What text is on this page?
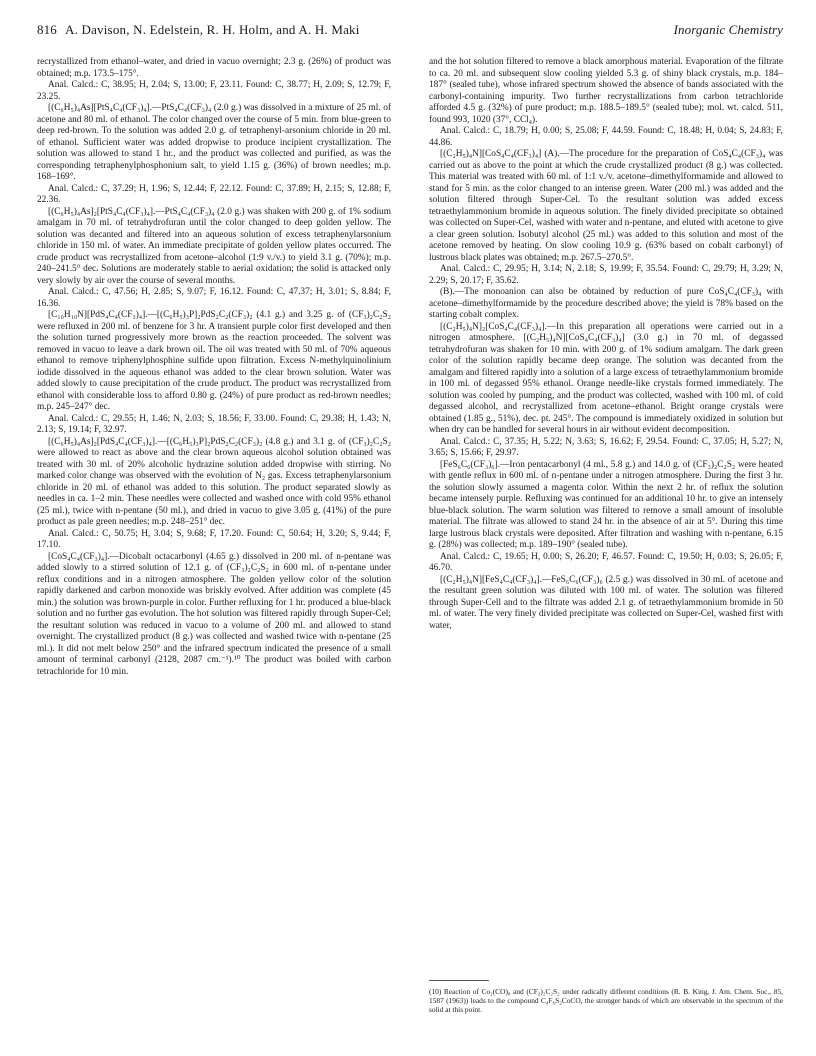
816 A. Davison, N. Edelstein, R. H. Holm, and A. H. Maki	Inorganic Chemistry

recrystallized from ethanol–water, and dried in vacuo overnight; 2.3 g. (26%) of product was obtained; m.p. 173.5–175°.

Anal. Calcd.: C, 38.95; H, 2.04; S, 13.00; F, 23.11. Found: C, 38.77; H, 2.09; S, 12.79; F, 23.25.

[(C₆H₅)₄As][PtS₄C₄(CF₃)₄].—PtS₄C₄(CF₃)₄ (2.0 g.) was dissolved in a mixture of 25 ml. of acetone and 80 ml. of ethanol. The color changed over the course of 5 min. from blue-green to deep red-brown. To the solution was added 2.0 g. of tetraphenyl-arsonium chloride in 20 ml. of ethanol. Sufficient water was added dropwise to produce incipient crystallization. The solution was allowed to stand 1 hr., and the product was collected and purified, as was the corresponding tetraphenylphosphonium salt, to yield 1.15 g. (36%) of brown needles; m.p. 168–169°.

Anal. Calcd.: C, 37.29; H, 1.96; S, 12.44; F, 22.12. Found: C, 37.89; H, 2.15; S, 12.88; F, 22.36.

[(C₆H₅)₄As]₂[PtS₄C₄(CF₃)₄].—PtS₄C₄(CF₃)₄ (2.0 g.) was shaken with 200 g. of 1% sodium amalgam in 70 ml. of tetrahydrofuran until the color changed to deep golden yellow. The solution was decanted and filtered into an aqueous solution of excess tetraphenylarsonium chloride in 150 ml. of water. An immediate precipitate of golden yellow plates occurred. The crude product was recrystallized from acetone–alcohol (1:9 v./v.) to yield 3.1 g. (70%); m.p. 240–241.5° dec. Solutions are moderately stable to aerial oxidation; the solid is attacked only very slowly by air over the course of several months.

Anal. Calcd.: C, 47.56; H, 2.85; S, 9.07; F, 16.12. Found: C, 47.37; H, 3.01; S, 8.84; F, 16.36.

[C₁₀H₁₀N][PdS₄C₄(CF₃)₄].—[(C₆H₅)₃P]₂PdS₂C₂(CF₃)₂ (4.1 g.) and 3.25 g. of (CF₃)₂C₂S₂ were refluxed in 200 ml. of benzene for 3 hr. A transient purple color first developed and then the solution turned progressively more brown as the reaction proceeded. The solvent was removed in vacuo to leave a dark brown oil. The oil was treated with 50 ml. of 70% aqueous ethanol to remove triphenylphosphine sulfide upon filtration. Excess N-methylquinolinium iodide dissolved in the aqueous ethanol was added to the clear brown solution. Water was added slowly to cause precipitation of the crude product. The product was recrystallized from ethanol with considerable loss to afford 0.80 g. (24%) of pure product as red-brown needles; m.p. 245–247° dec.

Anal. Calcd.: C, 29.55; H, 1.46; N, 2.03; S, 18.56; F, 33.00. Found: C, 29.38; H, 1.43; N, 2.13; S, 19.14; F, 32.97.

[(C₆H₅)₄As]₂[PdS₄C₄(CF₃)₄].—[(C₆H₅)₃P]₂PdS₂C₂(CF₃)₂ (4.8 g.) and 3.1 g. of (CF₃)₂C₂S₂ were allowed to react as above and the clear brown aqueous alcohol solution obtained was treated with 30 ml. of 20% alcoholic hydrazine solution added dropwise with stirring. No marked color change was observed with the evolution of N₂ gas. Excess tetraphenylarsonium chloride in 20 ml. of ethanol was added to this solution. The product separated slowly as needles in ca. 1–2 min. These needles were collected and washed once with cold 95% ethanol (25 ml.), twice with n-pentane (50 ml.), and dried in vacuo to give 3.05 g. (41%) of the pure product as pale green needles; m.p. 248–251° dec.

Anal. Calcd.: C, 50.75; H, 3.04; S, 9.68; F, 17.20. Found: C, 50.64; H, 3.20; S, 9.44; F, 17.10.

[CoS₄C₄(CF₃)₄].—Dicobalt octacarbonyl (4.65 g.) dissolved in 200 ml. of n-pentane was added slowly to a stirred solution of 12.1 g. of (CF₃)₂C₂S₂ in 600 ml. of n-pentane under reflux conditions and in a nitrogen atmosphere. The golden yellow color of the solution rapidly darkened and carbon monoxide was briskly evolved. After addition was complete (45 min.) the solution was brown-purple in color. Further refluxing for 1 hr. produced a blue-black solution and no further gas evolution. The hot solution was filtered rapidly through Super-Cel; the resultant solution was reduced in vacuo to a volume of 200 ml. and allowed to stand overnight. The crystallized product (8 g.) was collected and washed twice with n-pentane (25 ml.). It did not melt below 250° and the infrared spectrum indicated the presence of a small amount of terminal carbonyl (2128, 2087 cm.⁻¹).¹⁰ The product was boiled with carbon tetrachloride for 10 min.

and the hot solution filtered to remove a black amorphous material. Evaporation of the filtrate to ca. 20 ml. and subsequent slow cooling yielded 5.3 g. of shiny black crystals, m.p. 184–187° (sealed tube), whose infrared spectrum showed the absence of bands associated with the carbonyl-containing impurity. Two further recrystallizations from carbon tetrachloride afforded 4.5 g. (32%) of pure product; m.p. 188.5–189.5° (sealed tube); mol. wt. calcd. 511, found 993, 1020 (37°, CCl₄).

Anal. Calcd.: C, 18.79; H, 0.00; S, 25.08; F, 44.59. Found: C, 18.48; H, 0.04; S, 24.83; F, 44.86.

[(C₂H₅)₄N][CoS₄C₄(CF₃)₄] (A).—The procedure for the preparation of CoS₄C₄(CF₃)₄ was carried out as above to the point at which the crude crystallized product (8 g.) was collected. This material was treated with 60 ml. of 1:1 v./v. acetone–dimethylformamide and allowed to stand for 5 min. as the color changed to an intense green. Water (200 ml.) was added and the solution filtered through Super-Cel. To the resultant solution was added excess tetraethylammonium bromide in aqueous solution. The finely divided precipitate so obtained was collected on Super-Cel, washed with water and n-pentane, and eluted with acetone to give a clear green solution. Isobutyl alcohol (25 ml.) was added to this solution and most of the acetone removed by heating. On slow cooling 10.9 g. (63% based on cobalt carbonyl) of lustrous black plates was obtained; m.p. 267.5–270.5°.

Anal. Calcd.: C, 29.95; H, 3.14; N, 2.18; S, 19.99; F, 35.54. Found: C, 29.79; H, 3.29; N, 2.29; S, 20.17; F, 35.62.

(B).—The monoanion can also be obtained by reduction of pure CoS₄C₄(CF₃)₄ with acetone–dimethylformamide by the procedure described above; the yield is 78% based on the starting cobalt complex.

[(C₂H₅)₄N]₂[CoS₄C₄(CF₃)₄].—In this preparation all operations were carried out in a nitrogen atmosphere. [(C₂H₅)₄N][CoS₄C₄(CF₃)₄] (3.0 g.) in 70 ml. of degassed tetrahydrofuran was shaken for 10 min. with 200 g. of 1% sodium amalgam. The dark green color of the solution rapidly became deep orange. The solution was decanted from the amalgam and filtered rapidly into a solution of a large excess of tetraethylammonium bromide in 100 ml. of degassed 95% ethanol. Orange needle-like crystals formed immediately. The solution was cooled by pumping, and the product was collected, washed with 100 ml. of cold degassed alcohol, and recrystallized from acetone–ethanol. Bright orange crystals were obtained (1.85 g., 51%), dec. pt. 245°. The compound is immediately oxidized in solution but when dry can be handled for several hours in air without evident decomposition.

Anal. Calcd.: C, 37.35; H, 5.22; N, 3.63; S, 16.62; F, 29.54. Found: C, 37.05; H, 5.27; N, 3.65; S, 15.66; F, 29.97.

[FeS₆C₆(CF₃)₆].—Iron pentacarbonyl (4 ml., 5.8 g.) and 14.0 g. of (CF₃)₂C₂S₂ were heated with gentle reflux in 600 ml. of n-pentane under a nitrogen atmosphere. During the first 3 hr. the solution slowly assumed a magenta color. Within the next 2 hr. of reflux the solution became intensely purple. Refluxing was continued for an additional 10 hr. to give an intensely blue-black solution. The warm solution was filtered to remove a small amount of insoluble material. The filtrate was allowed to stand 24 hr. in the absence of air at 5°. During this time large lustrous black crystals were deposited. After filtration and washing with n-pentane, 6.15 g. (28%) was collected; m.p. 189–190° (sealed tube).

Anal. Calcd.: C, 19.65; H, 0.00; S, 26.20; F, 46.57. Found: C, 19.50; H, 0.03; S, 26.05; F, 46.70.

[(C₂H₅)₄N][FeS₄C₄(CF₃)₄].—FeS₆C₆(CF₃)₆ (2.5 g.) was dissolved in 30 ml. of acetone and the resultant green solution was diluted with 100 ml. of water. The solution was filtered through Super-Cell and to the filtrate was added 2.1 g. of tetraethylammonium bromide in 50 ml. of water. The very finely divided precipitate was collected on Super-Cel, washed first with water,

(10) Reaction of Co₂(CO)₈ and (CF₃)₂C₂S₂ under radically different conditions (R. B. King, J. Am. Chem. Soc., 85, 1587 (1963)) leads to the compound C₄F₆S₂CoCO, the stronger bands of which are observable in the spectrum of the solid at this point.
